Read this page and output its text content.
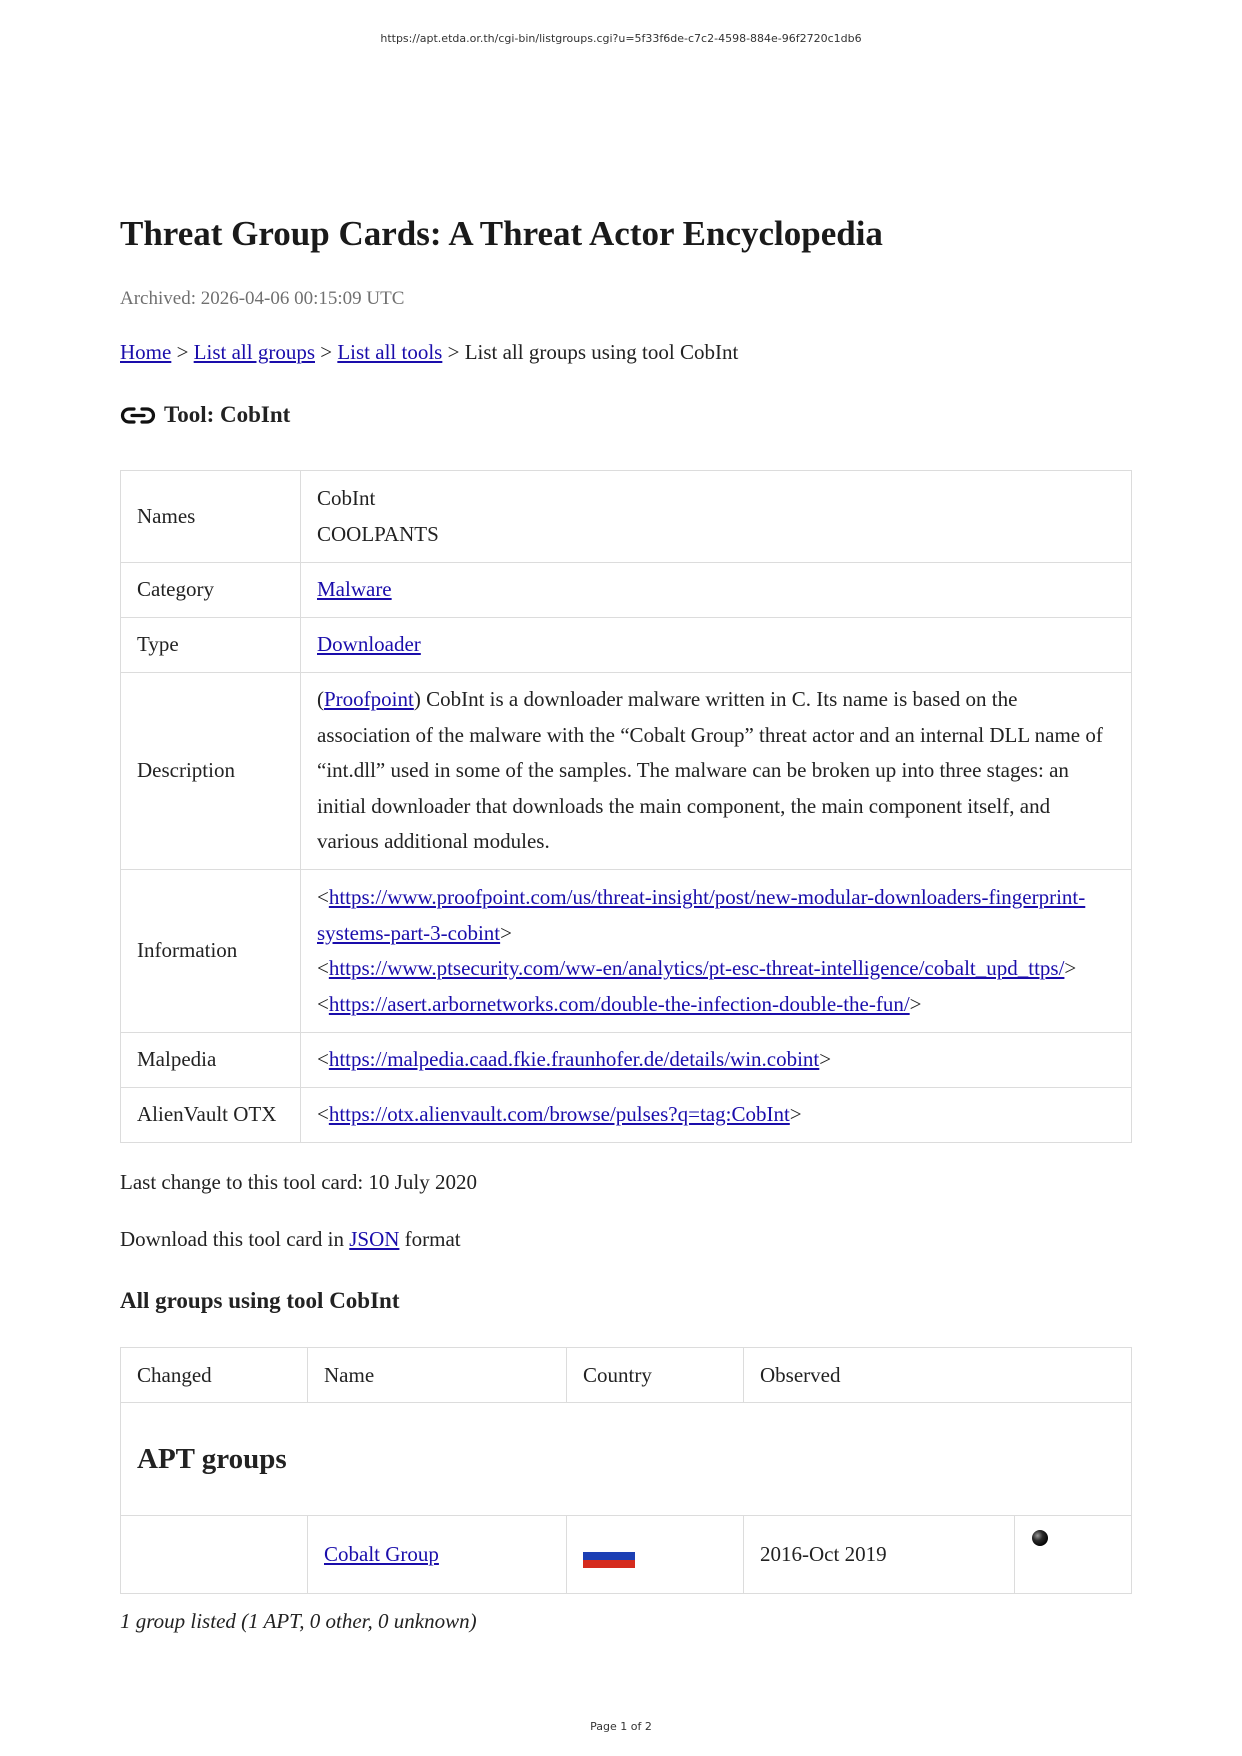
https://apt.etda.or.th/cgi-bin/listgroups.cgi?u=5f33f6de-c7c2-4598-884e-96f2720c1db6
Threat Group Cards: A Threat Actor Encyclopedia
Archived: 2026-04-06 00:15:09 UTC
Home > List all groups > List all tools > List all groups using tool CobInt
Tool: CobInt
Names	CobInt
COOLPANTS

Category	Malware
Type	Downloader
Description	(Proofpoint) CobInt is a downloader malware written in C. Its name is based on the association of the malware with the “Cobalt Group” threat actor and an internal DLL name of “int.dll” used in some of the samples. The malware can be broken up into three stages: an initial downloader that downloads the main component, the main component itself, and various additional modules.
Information	<https://www.proofpoint.com/us/threat-insight/post/new-modular-downloaders-fingerprint-systems-part-3-cobint>
<https://www.ptsecurity.com/ww-en/analytics/pt-esc-threat-intelligence/cobalt_upd_ttps/>
<https://asert.arbornetworks.com/double-the-infection-double-the-fun/>

Malpedia	<https://malpedia.caad.fkie.fraunhofer.de/details/win.cobint>
AlienVault OTX	<https://otx.alienvault.com/browse/pulses?q=tag:CobInt>
Last change to this tool card: 10 July 2020
Download this tool card in JSON format
All groups using tool CobInt
Changed	Name	Country	Observed	
APT groups				
	Cobalt Group		2016-Oct 2019	
1 group listed (1 APT, 0 other, 0 unknown)
Page 1 of 2
